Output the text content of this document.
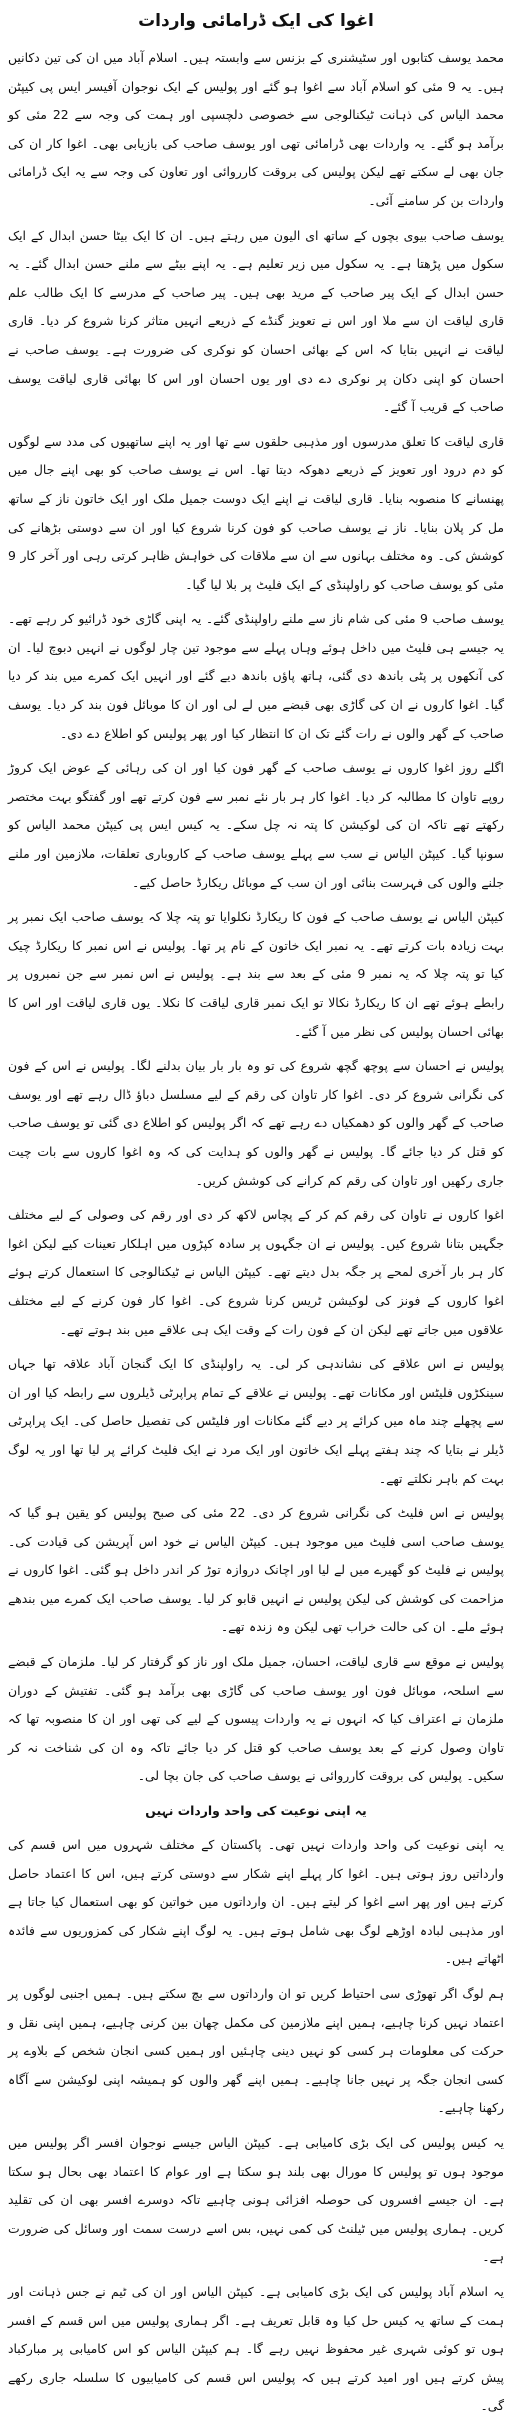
اغوا کی ایک ڈرامائی واردات

محمد یوسف کتابوں اور سٹیشنری کے بزنس سے وابستہ ہیں۔ اسلام آباد میں ان کی تین دکانیں ہیں۔ یہ 9 مئی کو اسلام آباد سے اغوا ہو گئے اور پولیس کے ایک نوجوان آفیسر ایس پی کیپٹن محمد الیاس کی ذہانت ٹیکنالوجی سے خصوصی دلچسپی اور ہمت کی وجہ سے 22 مئی کو برآمد ہو گئے۔ یہ واردات بھی ڈرامائی تھی اور یوسف صاحب کی بازیابی بھی۔ اغوا کار ان کی جان بھی لے سکتے تھے لیکن پولیس کی بروقت کارروائی اور تعاون کی وجہ سے یہ ایک ڈرامائی واردات بن کر سامنے آئی۔

یوسف صاحب بیوی بچوں کے ساتھ ای الیون میں رہتے ہیں۔ ان کا ایک بیٹا حسن ابدال کے ایک سکول میں پڑھتا ہے۔ یہ سکول میں زیر تعلیم ہے۔ یہ اپنے بیٹے سے ملنے حسن ابدال گئے۔ یہ حسن ابدال کے ایک پیر صاحب کے مرید بھی ہیں۔ پیر صاحب کے مدرسے کا ایک طالب علم قاری لیاقت ان سے ملا اور اس نے تعویز گنڈے کے ذریعے انہیں متاثر کرنا شروع کر دیا۔ قاری لیاقت نے انہیں بتایا کہ اس کے بھائی احسان کو نوکری کی ضرورت ہے۔ یوسف صاحب نے احسان کو اپنی دکان پر نوکری دے دی اور یوں احسان اور اس کا بھائی قاری لیاقت یوسف صاحب کے قریب آ گئے۔

قاری لیاقت کا تعلق مدرسوں اور مذہبی حلقوں سے تھا اور یہ اپنے ساتھیوں کی مدد سے لوگوں کو دم درود اور تعویز کے ذریعے دھوکہ دیتا تھا۔ اس نے یوسف صاحب کو بھی اپنے جال میں پھنسانے کا منصوبہ بنایا۔ قاری لیاقت نے اپنے ایک دوست جمیل ملک اور ایک خاتون ناز کے ساتھ مل کر پلان بنایا۔ ناز نے یوسف صاحب کو فون کرنا شروع کیا اور ان سے دوستی بڑھانے کی کوشش کی۔ وہ مختلف بہانوں سے ان سے ملاقات کی خواہش ظاہر کرتی رہی اور آخر کار 9 مئی کو یوسف صاحب کو راولپنڈی کے ایک فلیٹ پر بلا لیا گیا۔

یوسف صاحب 9 مئی کی شام ناز سے ملنے راولپنڈی گئے۔ یہ اپنی گاڑی خود ڈرائیو کر رہے تھے۔ یہ جیسے ہی فلیٹ میں داخل ہوئے وہاں پہلے سے موجود تین چار لوگوں نے انہیں دبوچ لیا۔ ان کی آنکھوں پر پٹی باندھ دی گئی، ہاتھ پاؤں باندھ دیے گئے اور انہیں ایک کمرے میں بند کر دیا گیا۔ اغوا کاروں نے ان کی گاڑی بھی قبضے میں لے لی اور ان کا موبائل فون بند کر دیا۔ یوسف صاحب کے گھر والوں نے رات گئے تک ان کا انتظار کیا اور پھر پولیس کو اطلاع دے دی۔

اگلے روز اغوا کاروں نے یوسف صاحب کے گھر فون کیا اور ان کی رہائی کے عوض ایک کروڑ روپے تاوان کا مطالبہ کر دیا۔ اغوا کار ہر بار نئے نمبر سے فون کرتے تھے اور گفتگو بہت مختصر رکھتے تھے تاکہ ان کی لوکیشن کا پتہ نہ چل سکے۔ یہ کیس ایس پی کیپٹن محمد الیاس کو سونپا گیا۔ کیپٹن الیاس نے سب سے پہلے یوسف صاحب کے کاروباری تعلقات، ملازمین اور ملنے جلنے والوں کی فہرست بنائی اور ان سب کے موبائل ریکارڈ حاصل کیے۔

کیپٹن الیاس نے یوسف صاحب کے فون کا ریکارڈ نکلوایا تو پتہ چلا کہ یوسف صاحب ایک نمبر پر بہت زیادہ بات کرتے تھے۔ یہ نمبر ایک خاتون کے نام پر تھا۔ پولیس نے اس نمبر کا ریکارڈ چیک کیا تو پتہ چلا کہ یہ نمبر 9 مئی کے بعد سے بند ہے۔ پولیس نے اس نمبر سے جن نمبروں پر رابطے ہوئے تھے ان کا ریکارڈ نکالا تو ایک نمبر قاری لیاقت کا نکلا۔ یوں قاری لیاقت اور اس کا بھائی احسان پولیس کی نظر میں آ گئے۔

پولیس نے احسان سے پوچھ گچھ شروع کی تو وہ بار بار بیان بدلنے لگا۔ پولیس نے اس کے فون کی نگرانی شروع کر دی۔ اغوا کار تاوان کی رقم کے لیے مسلسل دباؤ ڈال رہے تھے اور یوسف صاحب کے گھر والوں کو دھمکیاں دے رہے تھے کہ اگر پولیس کو اطلاع دی گئی تو یوسف صاحب کو قتل کر دیا جائے گا۔ پولیس نے گھر والوں کو ہدایت کی کہ وہ اغوا کاروں سے بات چیت جاری رکھیں اور تاوان کی رقم کم کرانے کی کوشش کریں۔

اغوا کاروں نے تاوان کی رقم کم کر کے پچاس لاکھ کر دی اور رقم کی وصولی کے لیے مختلف جگہیں بتانا شروع کیں۔ پولیس نے ان جگہوں پر سادہ کپڑوں میں اہلکار تعینات کیے لیکن اغوا کار ہر بار آخری لمحے پر جگہ بدل دیتے تھے۔ کیپٹن الیاس نے ٹیکنالوجی کا استعمال کرتے ہوئے اغوا کاروں کے فونز کی لوکیشن ٹریس کرنا شروع کی۔ اغوا کار فون کرنے کے لیے مختلف علاقوں میں جاتے تھے لیکن ان کے فون رات کے وقت ایک ہی علاقے میں بند ہوتے تھے۔

پولیس نے اس علاقے کی نشاندہی کر لی۔ یہ راولپنڈی کا ایک گنجان آباد علاقہ تھا جہاں سینکڑوں فلیٹس اور مکانات تھے۔ پولیس نے علاقے کے تمام پراپرٹی ڈیلروں سے رابطہ کیا اور ان سے پچھلے چند ماہ میں کرائے پر دیے گئے مکانات اور فلیٹس کی تفصیل حاصل کی۔ ایک پراپرٹی ڈیلر نے بتایا کہ چند ہفتے پہلے ایک خاتون اور ایک مرد نے ایک فلیٹ کرائے پر لیا تھا اور یہ لوگ بہت کم باہر نکلتے تھے۔

پولیس نے اس فلیٹ کی نگرانی شروع کر دی۔ 22 مئی کی صبح پولیس کو یقین ہو گیا کہ یوسف صاحب اسی فلیٹ میں موجود ہیں۔ کیپٹن الیاس نے خود اس آپریشن کی قیادت کی۔ پولیس نے فلیٹ کو گھیرے میں لے لیا اور اچانک دروازہ توڑ کر اندر داخل ہو گئی۔ اغوا کاروں نے مزاحمت کی کوشش کی لیکن پولیس نے انہیں قابو کر لیا۔ یوسف صاحب ایک کمرے میں بندھے ہوئے ملے۔ ان کی حالت خراب تھی لیکن وہ زندہ تھے۔

پولیس نے موقع سے قاری لیاقت، احسان، جمیل ملک اور ناز کو گرفتار کر لیا۔ ملزمان کے قبضے سے اسلحہ، موبائل فون اور یوسف صاحب کی گاڑی بھی برآمد ہو گئی۔ تفتیش کے دوران ملزمان نے اعتراف کیا کہ انہوں نے یہ واردات پیسوں کے لیے کی تھی اور ان کا منصوبہ تھا کہ تاوان وصول کرنے کے بعد یوسف صاحب کو قتل کر دیا جائے تاکہ وہ ان کی شناخت نہ کر سکیں۔ پولیس کی بروقت کارروائی نے یوسف صاحب کی جان بچا لی۔

یہ اپنی نوعیت کی واحد واردات نہیں

یہ اپنی نوعیت کی واحد واردات نہیں تھی۔ پاکستان کے مختلف شہروں میں اس قسم کی وارداتیں روز ہوتی ہیں۔ اغوا کار پہلے اپنے شکار سے دوستی کرتے ہیں، اس کا اعتماد حاصل کرتے ہیں اور پھر اسے اغوا کر لیتے ہیں۔ ان وارداتوں میں خواتین کو بھی استعمال کیا جاتا ہے اور مذہبی لبادہ اوڑھے لوگ بھی شامل ہوتے ہیں۔ یہ لوگ اپنے شکار کی کمزوریوں سے فائدہ اٹھاتے ہیں۔

ہم لوگ اگر تھوڑی سی احتیاط کریں تو ان وارداتوں سے بچ سکتے ہیں۔ ہمیں اجنبی لوگوں پر اعتماد نہیں کرنا چاہیے، ہمیں اپنے ملازمین کی مکمل چھان بین کرنی چاہیے، ہمیں اپنی نقل و حرکت کی معلومات ہر کسی کو نہیں دینی چاہئیں اور ہمیں کسی انجان شخص کے بلاوے پر کسی انجان جگہ پر نہیں جانا چاہیے۔ ہمیں اپنے گھر والوں کو ہمیشہ اپنی لوکیشن سے آگاہ رکھنا چاہیے۔

یہ کیس پولیس کی ایک بڑی کامیابی ہے۔ کیپٹن الیاس جیسے نوجوان افسر اگر پولیس میں موجود ہوں تو پولیس کا مورال بھی بلند ہو سکتا ہے اور عوام کا اعتماد بھی بحال ہو سکتا ہے۔ ان جیسے افسروں کی حوصلہ افزائی ہونی چاہیے تاکہ دوسرے افسر بھی ان کی تقلید کریں۔ ہماری پولیس میں ٹیلنٹ کی کمی نہیں، بس اسے درست سمت اور وسائل کی ضرورت ہے۔

یہ اسلام آباد پولیس کی ایک بڑی کامیابی ہے۔ کیپٹن الیاس اور ان کی ٹیم نے جس ذہانت اور ہمت کے ساتھ یہ کیس حل کیا وہ قابل تعریف ہے۔ اگر ہماری پولیس میں اس قسم کے افسر ہوں تو کوئی شہری غیر محفوظ نہیں رہے گا۔ ہم کیپٹن الیاس کو اس کامیابی پر مبارکباد پیش کرتے ہیں اور امید کرتے ہیں کہ پولیس اس قسم کی کامیابیوں کا سلسلہ جاری رکھے گی۔
